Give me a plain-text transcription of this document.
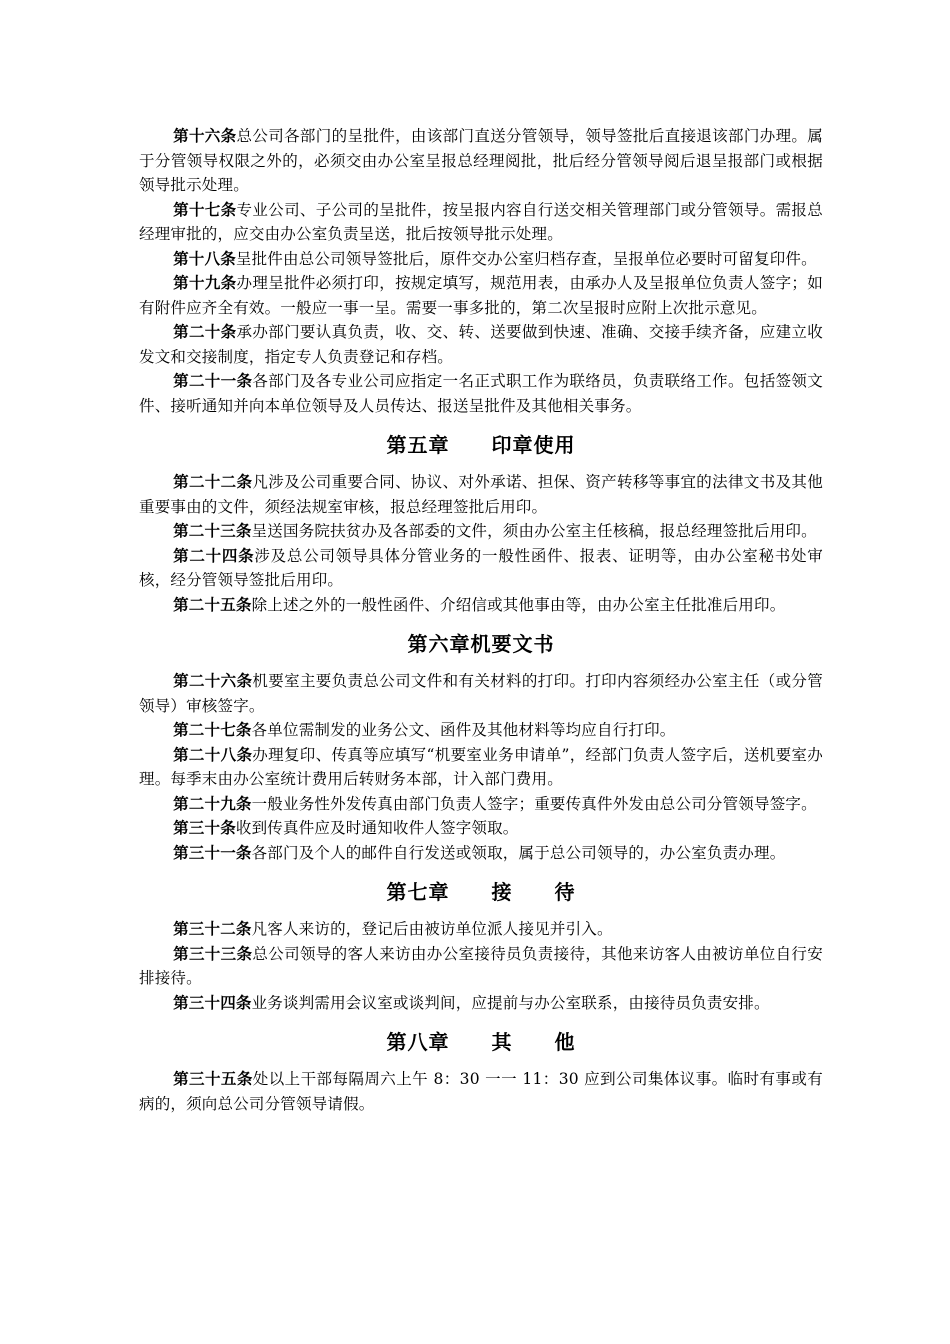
第十六条总公司各部门的呈批件，由该部门直送分管领导，领导签批后直接退该部门办理。属于分管领导权限之外的，必须交由办公室呈报总经理阅批，批后经分管领导阅后退呈报部门或根据领导批示处理。

第十七条专业公司、子公司的呈批件，按呈报内容自行送交相关管理部门或分管领导。需报总经理审批的，应交由办公室负责呈送，批后按领导批示处理。

第十八条呈批件由总公司领导签批后，原件交办公室归档存查，呈报单位必要时可留复印件。

第十九条办理呈批件必须打印，按规定填写，规范用表，由承办人及呈报单位负责人签字；如有附件应齐全有效。一般应一事一呈。需要一事多批的，第二次呈报时应附上次批示意见。

第二十条承办部门要认真负责，收、交、转、送要做到快速、准确、交接手续齐备，应建立收发文和交接制度，指定专人负责登记和存档。

第二十一条各部门及各专业公司应指定一名正式职工作为联络员，负责联络工作。包括签领文件、接听通知并向本单位领导及人员传达、报送呈批件及其他相关事务。

第五章　　印章使用

第二十二条凡涉及公司重要合同、协议、对外承诺、担保、资产转移等事宜的法律文书及其他重要事由的文件，须经法规室审核，报总经理签批后用印。

第二十三条呈送国务院扶贫办及各部委的文件，须由办公室主任核稿，报总经理签批后用印。

第二十四条涉及总公司领导具体分管业务的一般性函件、报表、证明等，由办公室秘书处审核，经分管领导签批后用印。

第二十五条除上述之外的一般性函件、介绍信或其他事由等，由办公室主任批准后用印。

第六章机要文书

第二十六条机要室主要负责总公司文件和有关材料的打印。打印内容须经办公室主任（或分管领导）审核签字。

第二十七条各单位需制发的业务公文、函件及其他材料等均应自行打印。

第二十八条办理复印、传真等应填写“机要室业务申请单”，经部门负责人签字后，送机要室办理。每季末由办公室统计费用后转财务本部，计入部门费用。

第二十九条一般业务性外发传真由部门负责人签字；重要传真件外发由总公司分管领导签字。

第三十条收到传真件应及时通知收件人签字领取。

第三十一条各部门及个人的邮件自行发送或领取，属于总公司领导的，办公室负责办理。

第七章　　接　　待

第三十二条凡客人来访的，登记后由被访单位派人接见并引入。

第三十三条总公司领导的客人来访由办公室接待员负责接待，其他来访客人由被访单位自行安排接待。

第三十四条业务谈判需用会议室或谈判间，应提前与办公室联系，由接待员负责安排。

第八章　　其　　他

第三十五条处以上干部每隔周六上午 8：30 一一 11：30 应到公司集体议事。临时有事或有病的，须向总公司分管领导请假。
